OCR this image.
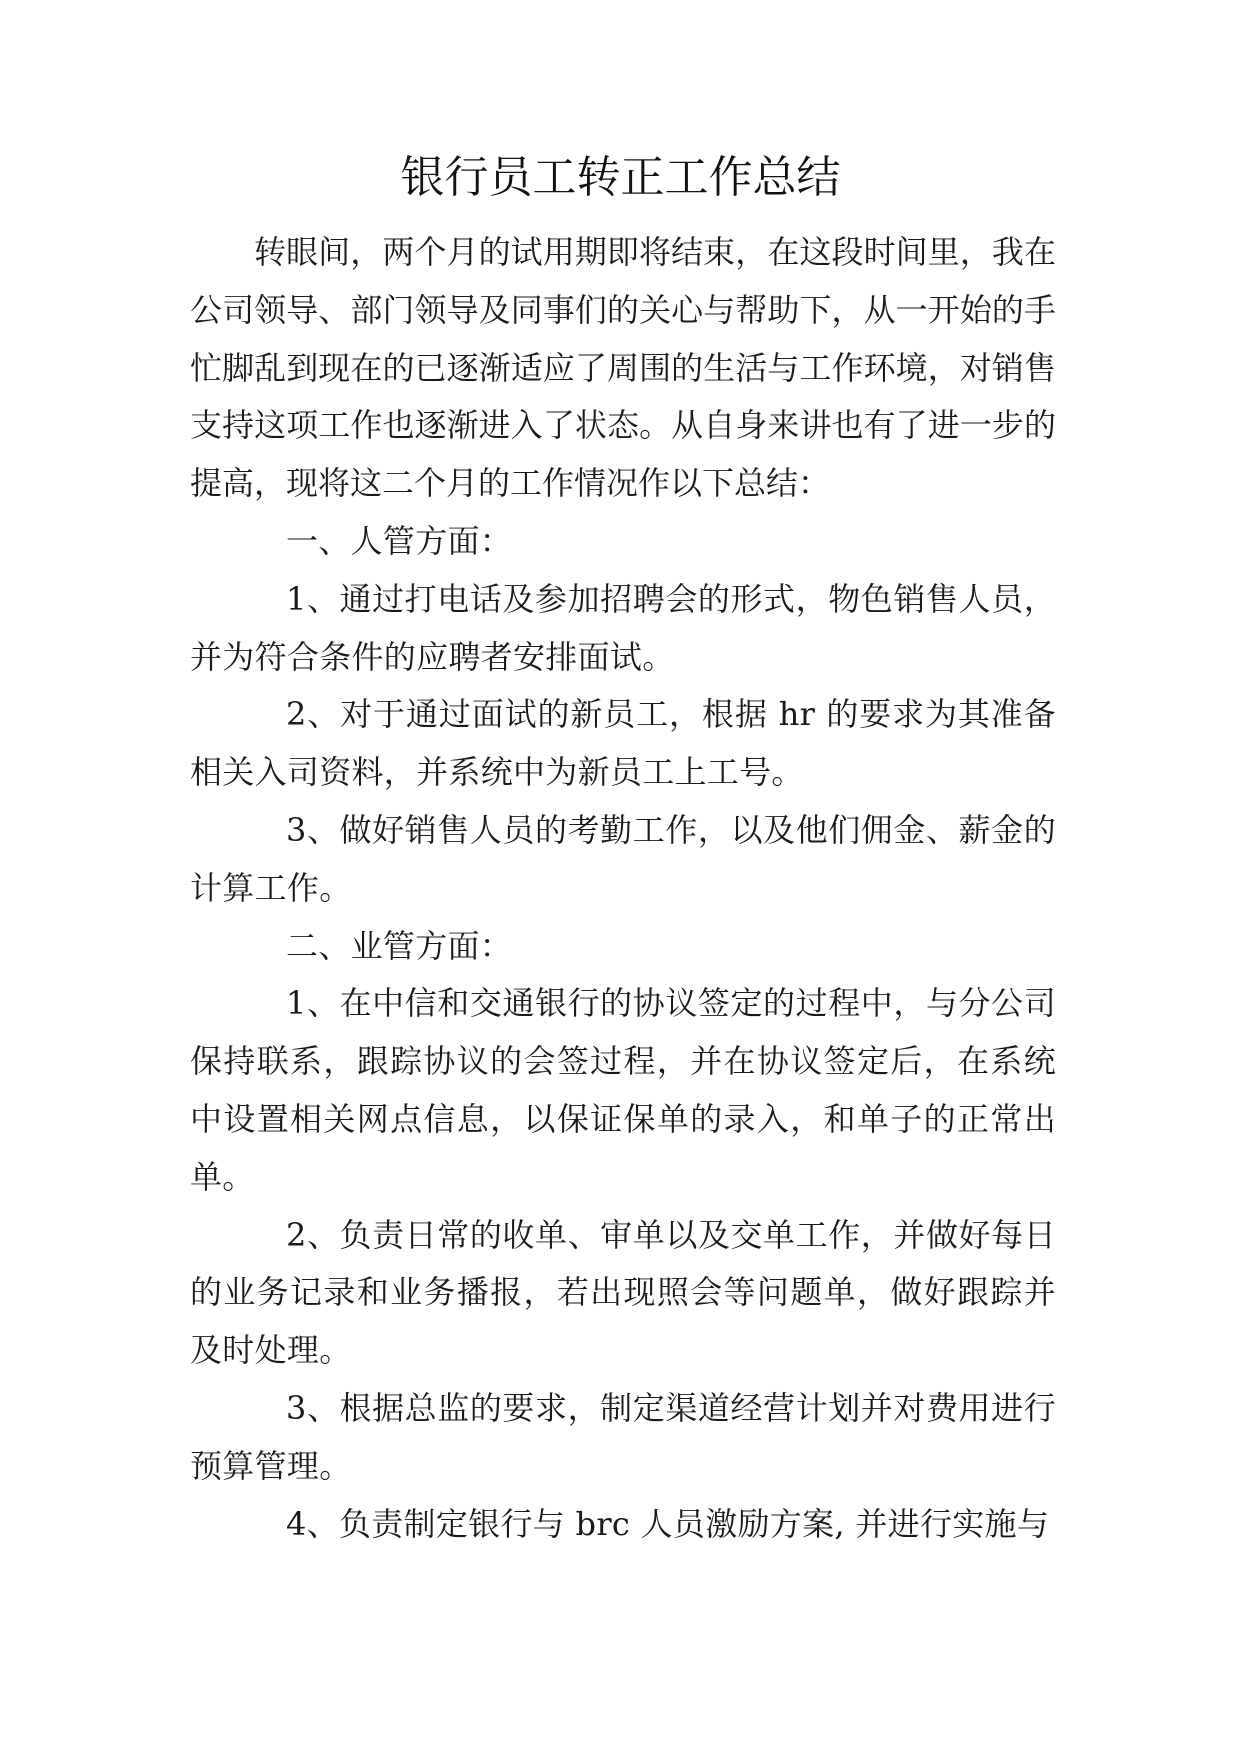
银行员工转正工作总结

转眼间，两个月的试用期即将结束，在这段时间里，我在公司领导、部门领导及同事们的关心与帮助下，从一开始的手忙脚乱到现在的已逐渐适应了周围的生活与工作环境，对销售支持这项工作也逐渐进入了状态。从自身来讲也有了进一步的提高，现将这二个月的工作情况作以下总结：

一、人管方面：

1、通过打电话及参加招聘会的形式，物色销售人员，并为符合条件的应聘者安排面试。

2、对于通过面试的新员工，根据 hr 的要求为其准备相关入司资料，并系统中为新员工上工号。

3、做好销售人员的考勤工作，以及他们佣金、薪金的计算工作。

二、业管方面：

1、在中信和交通银行的协议签定的过程中，与分公司保持联系，跟踪协议的会签过程，并在协议签定后，在系统中设置相关网点信息，以保证保单的录入，和单子的正常出单。

2、负责日常的收单、审单以及交单工作，并做好每日的业务记录和业务播报，若出现照会等问题单，做好跟踪并及时处理。

3、根据总监的要求，制定渠道经营计划并对费用进行预算管理。

4、负责制定银行与 brc 人员激励方案, 并进行实施与
